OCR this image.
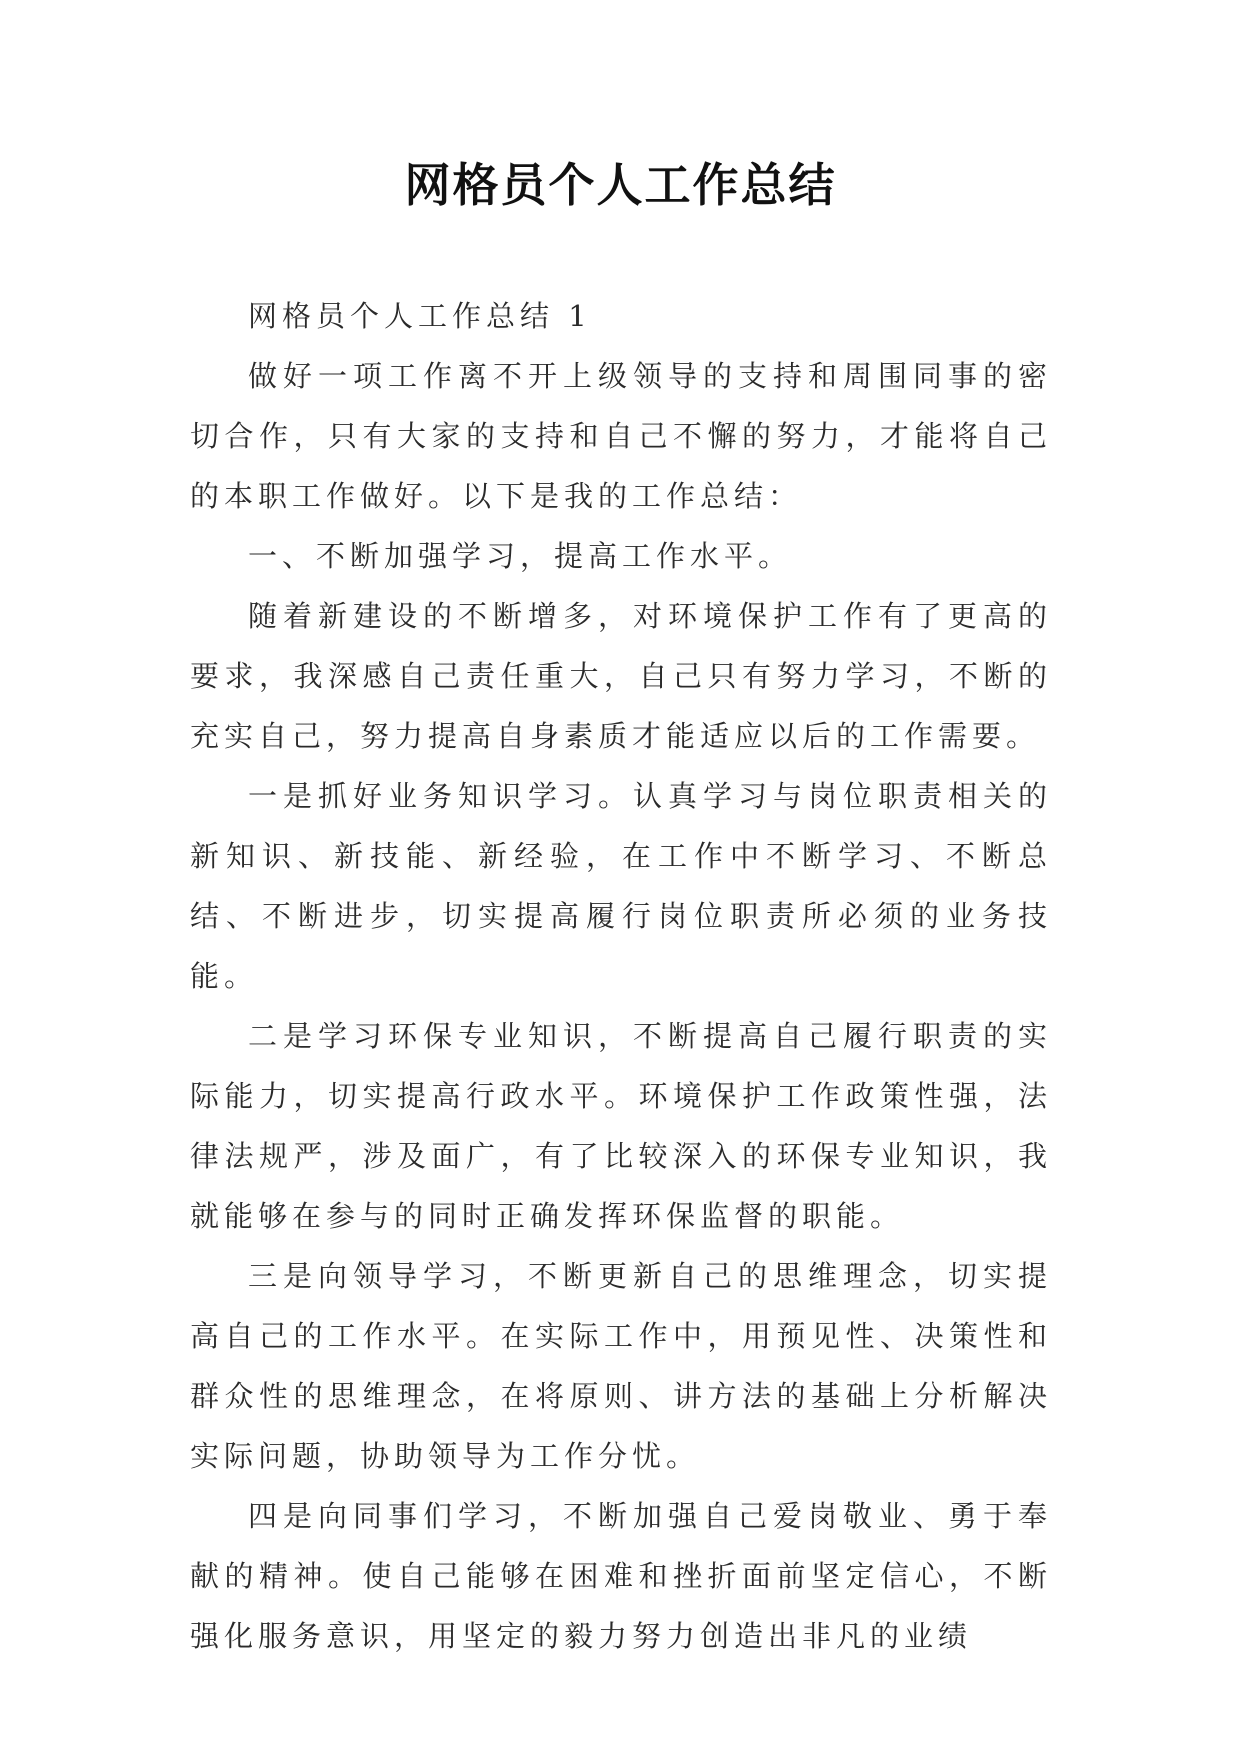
网格员个人工作总结

网格员个人工作总结 1

做好一项工作离不开上级领导的支持和周围同事的密切合作，只有大家的支持和自己不懈的努力，才能将自己的本职工作做好。以下是我的工作总结：

一、不断加强学习，提高工作水平。

随着新建设的不断增多，对环境保护工作有了更高的要求，我深感自己责任重大，自己只有努力学习，不断的充实自己，努力提高自身素质才能适应以后的工作需要。

一是抓好业务知识学习。认真学习与岗位职责相关的新知识、新技能、新经验，在工作中不断学习、不断总结、不断进步，切实提高履行岗位职责所必须的业务技能。

二是学习环保专业知识，不断提高自己履行职责的实际能力，切实提高行政水平。环境保护工作政策性强，法律法规严，涉及面广，有了比较深入的环保专业知识，我就能够在参与的同时正确发挥环保监督的职能。

三是向领导学习，不断更新自己的思维理念，切实提高自己的工作水平。在实际工作中，用预见性、决策性和群众性的思维理念，在将原则、讲方法的基础上分析解决实际问题，协助领导为工作分忧。

四是向同事们学习，不断加强自己爱岗敬业、勇于奉献的精神。使自己能够在困难和挫折面前坚定信心，不断强化服务意识，用坚定的毅力努力创造出非凡的业绩
